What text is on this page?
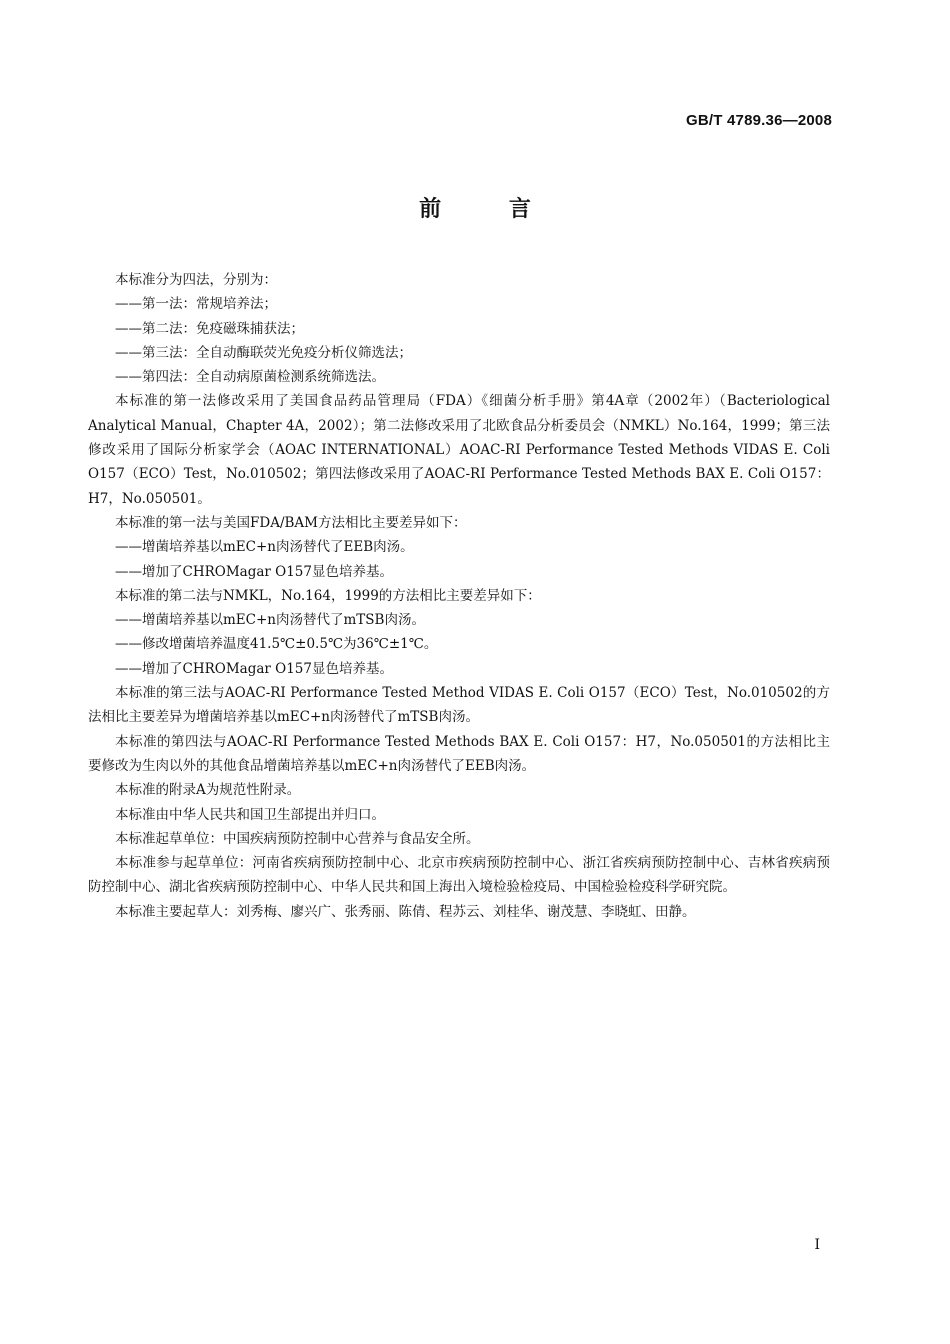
GB/T 4789.36—2008
前 言

本标准分为四法，分别为：

——第一法：常规培养法；

——第二法：免疫磁珠捕获法；

——第三法：全自动酶联荧光免疫分析仪筛选法；

——第四法：全自动病原菌检测系统筛选法。

本标准的第一法修改采用了美国食品药品管理局（FDA）《细菌分析手册》第4A章（2002年）（Bacteriological Analytical Manual，Chapter 4A，2002）；第二法修改采用了北欧食品分析委员会（NMKL）No.164，1999；第三法修改采用了国际分析家学会（AOAC INTERNATIONAL）AOAC-RI Performance Tested Methods VIDAS E. Coli O157（ECO）Test，No.010502；第四法修改采用了AOAC-RI Performance Tested Methods BAX E. Coli O157：H7，No.050501。

本标准的第一法与美国FDA/BAM方法相比主要差异如下：

——增菌培养基以mEC+n肉汤替代了EEB肉汤。

——增加了CHROMagar O157显色培养基。

本标准的第二法与NMKL，No.164，1999的方法相比主要差异如下：

——增菌培养基以mEC+n肉汤替代了mTSB肉汤。

——修改增菌培养温度41.5℃±0.5℃为36℃±1℃。

——增加了CHROMagar O157显色培养基。

本标准的第三法与AOAC-RI Performance Tested Method VIDAS E. Coli O157（ECO）Test，No.010502的方法相比主要差异为增菌培养基以mEC+n肉汤替代了mTSB肉汤。

本标准的第四法与AOAC-RI Performance Tested Methods BAX E. Coli O157：H7，No.050501的方法相比主要修改为生肉以外的其他食品增菌培养基以mEC+n肉汤替代了EEB肉汤。

本标准的附录A为规范性附录。

本标准由中华人民共和国卫生部提出并归口。

本标准起草单位：中国疾病预防控制中心营养与食品安全所。

本标准参与起草单位：河南省疾病预防控制中心、北京市疾病预防控制中心、浙江省疾病预防控制中心、吉林省疾病预防控制中心、湖北省疾病预防控制中心、中华人民共和国上海出入境检验检疫局、中国检验检疫科学研究院。

本标准主要起草人：刘秀梅、廖兴广、张秀丽、陈倩、程苏云、刘桂华、谢茂慧、李晓虹、田静。

I
